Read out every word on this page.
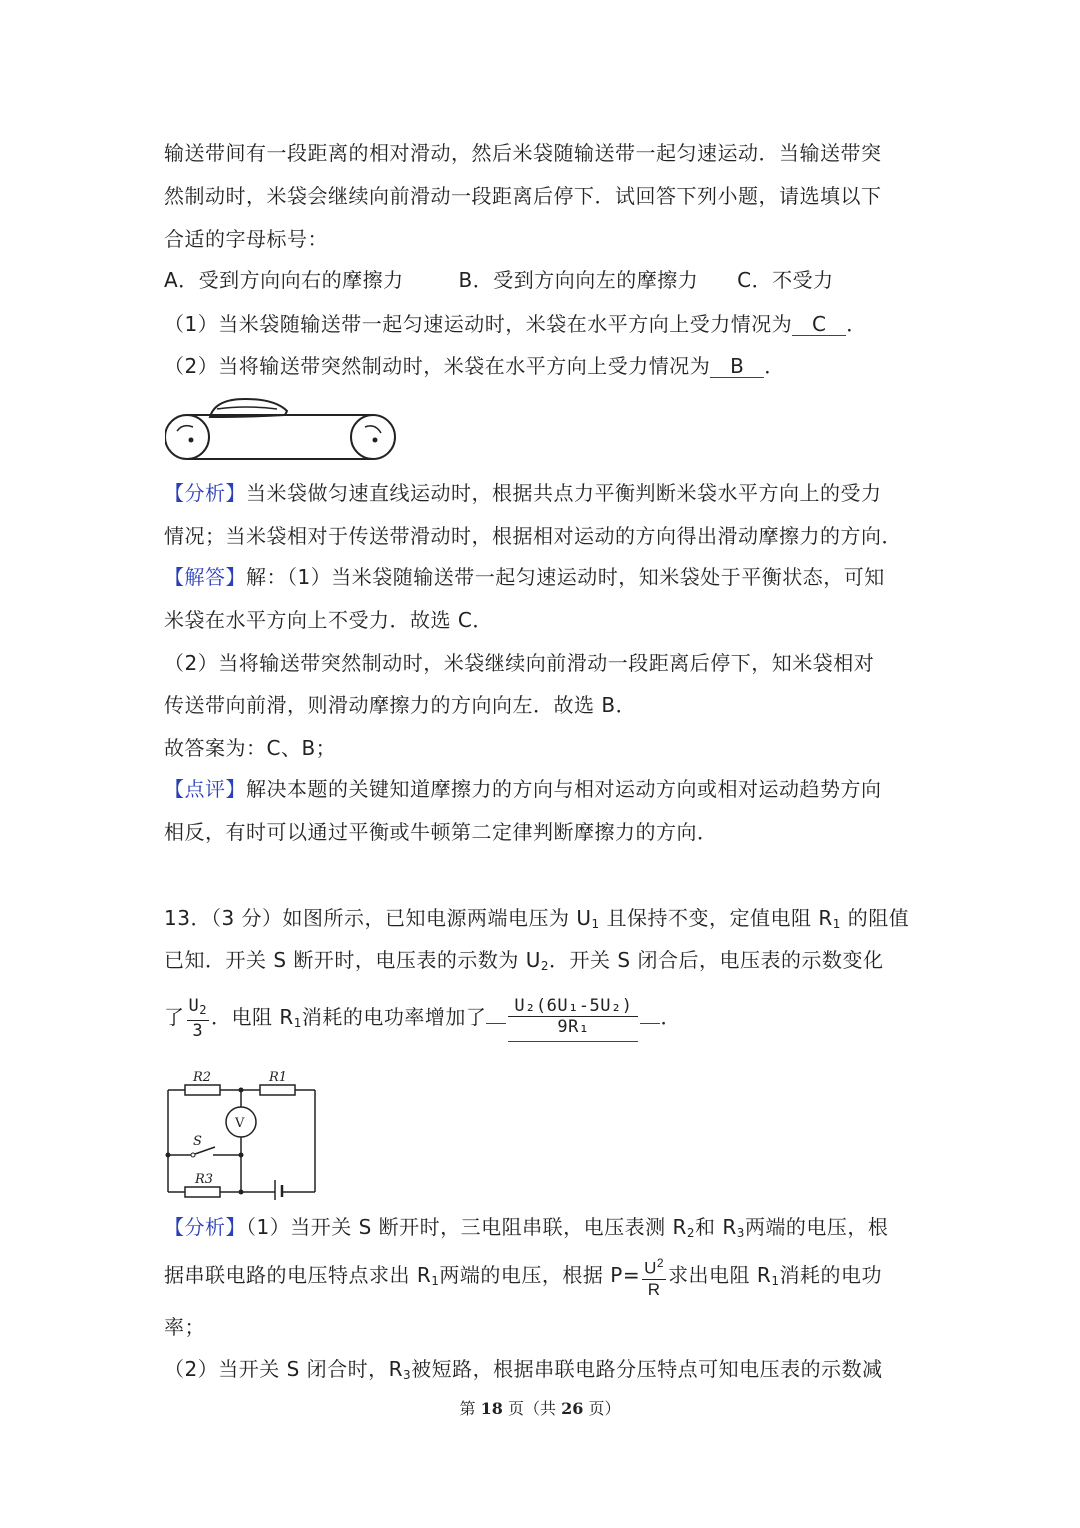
输送带间有一段距离的相对滑动，然后米袋随输送带一起匀速运动．当输送带突
然制动时，米袋会继续向前滑动一段距离后停下．试回答下列小题，请选填以下
合适的字母标号：
A．受到方向向右的摩擦力	B．受到方向向左的摩擦力 C．不受力
（1）当米袋随输送带一起匀速运动时，米袋在水平方向上受力情况为 C ．
（2）当将输送带突然制动时，米袋在水平方向上受力情况为 B ．
【分析】当米袋做匀速直线运动时，根据共点力平衡判断米袋水平方向上的受力
情况；当米袋相对于传送带滑动时，根据相对运动的方向得出滑动摩擦力的方向．
【解答】解：（1）当米袋随输送带一起匀速运动时，知米袋处于平衡状态，可知
米袋在水平方向上不受力．故选 C．
（2）当将输送带突然制动时，米袋继续向前滑动一段距离后停下，知米袋相对
传送带向前滑，则滑动摩擦力的方向向左．故选 B．
故答案为：C、B；
【点评】解决本题的关键知道摩擦力的方向与相对运动方向或相对运动趋势方向
相反，有时可以通过平衡或牛顿第二定律判断摩擦力的方向．
13．（3 分）如图所示，已知电源两端电压为 $U_1$ 且保持不变，定值电阻 $R_1$ 的阻值
已知．开关 S 断开时，电压表的示数为 $U_2$．开关 S 闭合后，电压表的示数变化
了 $\frac{U_2}{3}$ ．电阻 $R_1$消耗的电功率增加了 $\frac{\text{U₂(6U₁-5U₂)}}{\text{9R₁}}$ ．
R2	R1
V
S
R3
【分析】（1）当开关 S 断开时，三电阻串联，电压表测 $R_2$和 $R_3$两端的电压，根
据串联电路的电压特点求出 $R_1$两端的电压，根据 $P= \frac{U^2}{R}$ 求出电阻 $R_1$消耗的电功
率；
（2）当开关 S 闭合时，$R_3$被短路，根据串联电路分压特点可知电压表的示数减
第 18 页（共 26 页）
